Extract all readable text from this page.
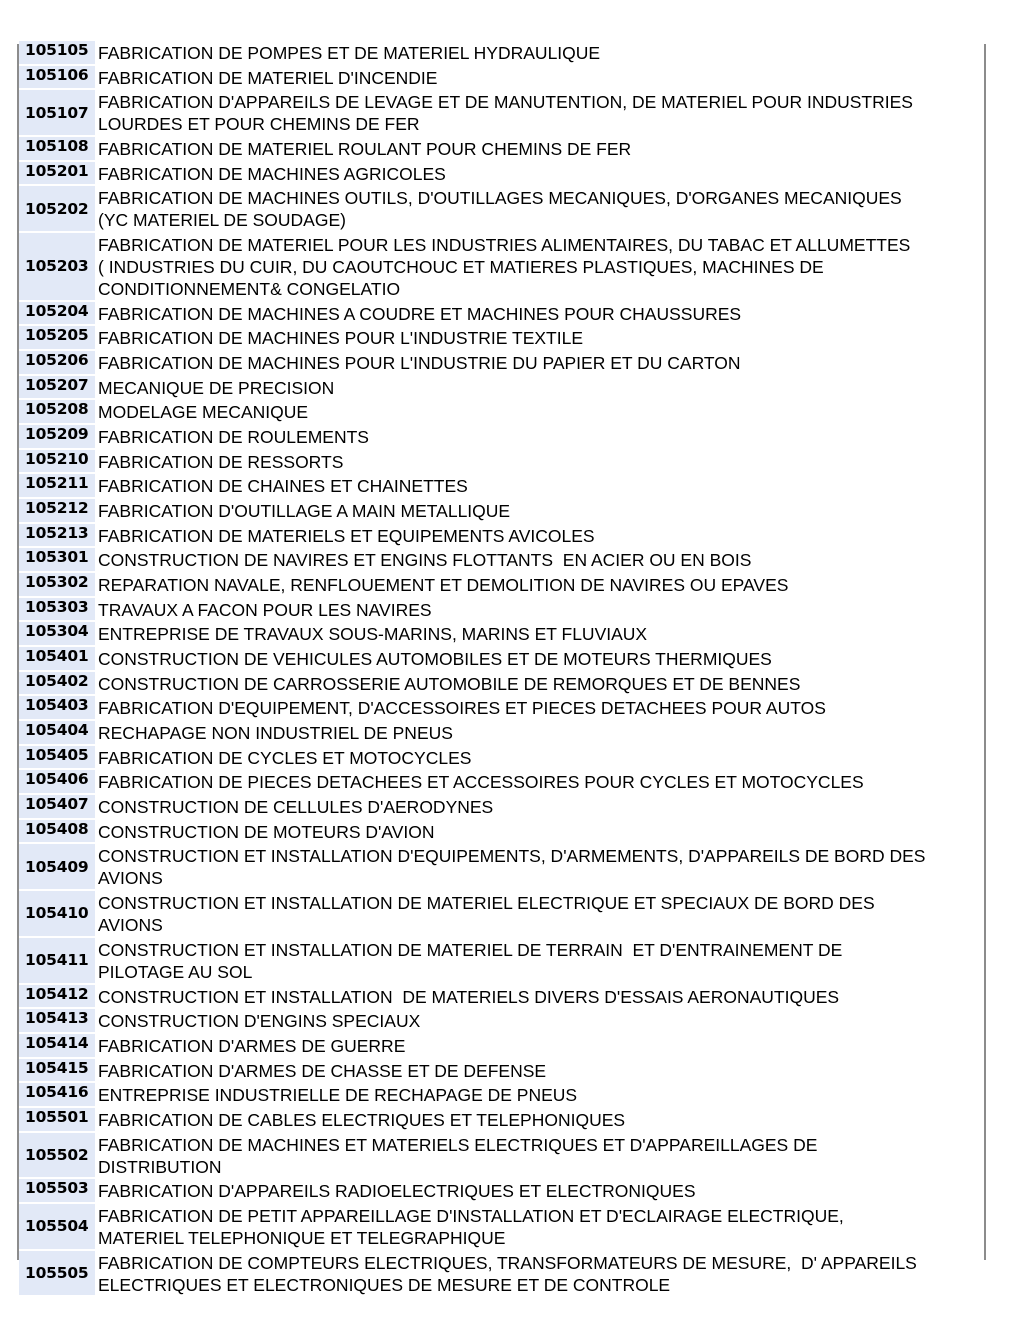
105105 FABRICATION DE POMPES ET DE MATERIEL HYDRAULIQUE
105106 FABRICATION DE MATERIEL D'INCENDIE
105107
FABRICATION D'APPAREILS DE LEVAGE ET DE MANUTENTION, DE MATERIEL POUR INDUSTRIES
LOURDES ET POUR CHEMINS DE FER
105108 FABRICATION DE MATERIEL ROULANT POUR CHEMINS DE FER
105201 FABRICATION DE MACHINES AGRICOLES
105202
FABRICATION DE MACHINES OUTILS, D'OUTILLAGES MECANIQUES, D'ORGANES MECANIQUES
(YC MATERIEL DE SOUDAGE)
105203
FABRICATION DE MATERIEL POUR LES INDUSTRIES ALIMENTAIRES, DU TABAC ET ALLUMETTES
( INDUSTRIES DU CUIR, DU CAOUTCHOUC ET MATIERES PLASTIQUES, MACHINES DE
CONDITIONNEMENT& CONGELATIO
105204 FABRICATION DE MACHINES A COUDRE ET MACHINES POUR CHAUSSURES
105205 FABRICATION DE MACHINES POUR L'INDUSTRIE TEXTILE
105206 FABRICATION DE MACHINES POUR L'INDUSTRIE DU PAPIER ET DU CARTON
105207 MECANIQUE DE PRECISION
105208 MODELAGE MECANIQUE
105209 FABRICATION DE ROULEMENTS
105210 FABRICATION DE RESSORTS
105211 FABRICATION DE CHAINES ET CHAINETTES
105212 FABRICATION D'OUTILLAGE A MAIN METALLIQUE
105213 FABRICATION DE MATERIELS ET EQUIPEMENTS AVICOLES
105301 CONSTRUCTION DE NAVIRES ET ENGINS FLOTTANTS  EN ACIER OU EN BOIS
105302 REPARATION NAVALE, RENFLOUEMENT ET DEMOLITION DE NAVIRES OU EPAVES
105303 TRAVAUX A FACON POUR LES NAVIRES
105304 ENTREPRISE DE TRAVAUX SOUS-MARINS, MARINS ET FLUVIAUX
105401 CONSTRUCTION DE VEHICULES AUTOMOBILES ET DE MOTEURS THERMIQUES
105402 CONSTRUCTION DE CARROSSERIE AUTOMOBILE DE REMORQUES ET DE BENNES
105403 FABRICATION D'EQUIPEMENT, D'ACCESSOIRES ET PIECES DETACHEES POUR AUTOS
105404 RECHAPAGE NON INDUSTRIEL DE PNEUS
105405 FABRICATION DE CYCLES ET MOTOCYCLES
105406 FABRICATION DE PIECES DETACHEES ET ACCESSOIRES POUR CYCLES ET MOTOCYCLES
105407 CONSTRUCTION DE CELLULES D'AERODYNES
105408 CONSTRUCTION DE MOTEURS D'AVION
105409
CONSTRUCTION ET INSTALLATION D'EQUIPEMENTS, D'ARMEMENTS, D'APPAREILS DE BORD DES
AVIONS
105410
CONSTRUCTION ET INSTALLATION DE MATERIEL ELECTRIQUE ET SPECIAUX DE BORD DES
AVIONS
105411
CONSTRUCTION ET INSTALLATION DE MATERIEL DE TERRAIN  ET D'ENTRAINEMENT DE
PILOTAGE AU SOL
105412 CONSTRUCTION ET INSTALLATION  DE MATERIELS DIVERS D'ESSAIS AERONAUTIQUES
105413 CONSTRUCTION D'ENGINS SPECIAUX
105414 FABRICATION D'ARMES DE GUERRE
105415 FABRICATION D'ARMES DE CHASSE ET DE DEFENSE
105416 ENTREPRISE INDUSTRIELLE DE RECHAPAGE DE PNEUS
105501 FABRICATION DE CABLES ELECTRIQUES ET TELEPHONIQUES
105502
FABRICATION DE MACHINES ET MATERIELS ELECTRIQUES ET D'APPAREILLAGES DE
DISTRIBUTION
105503 FABRICATION D'APPAREILS RADIOELECTRIQUES ET ELECTRONIQUES
105504
FABRICATION DE PETIT APPAREILLAGE D'INSTALLATION ET D'ECLAIRAGE ELECTRIQUE,
MATERIEL TELEPHONIQUE ET TELEGRAPHIQUE
105505
FABRICATION DE COMPTEURS ELECTRIQUES, TRANSFORMATEURS DE MESURE,  D' APPAREILS
ELECTRIQUES ET ELECTRONIQUES DE MESURE ET DE CONTROLE
